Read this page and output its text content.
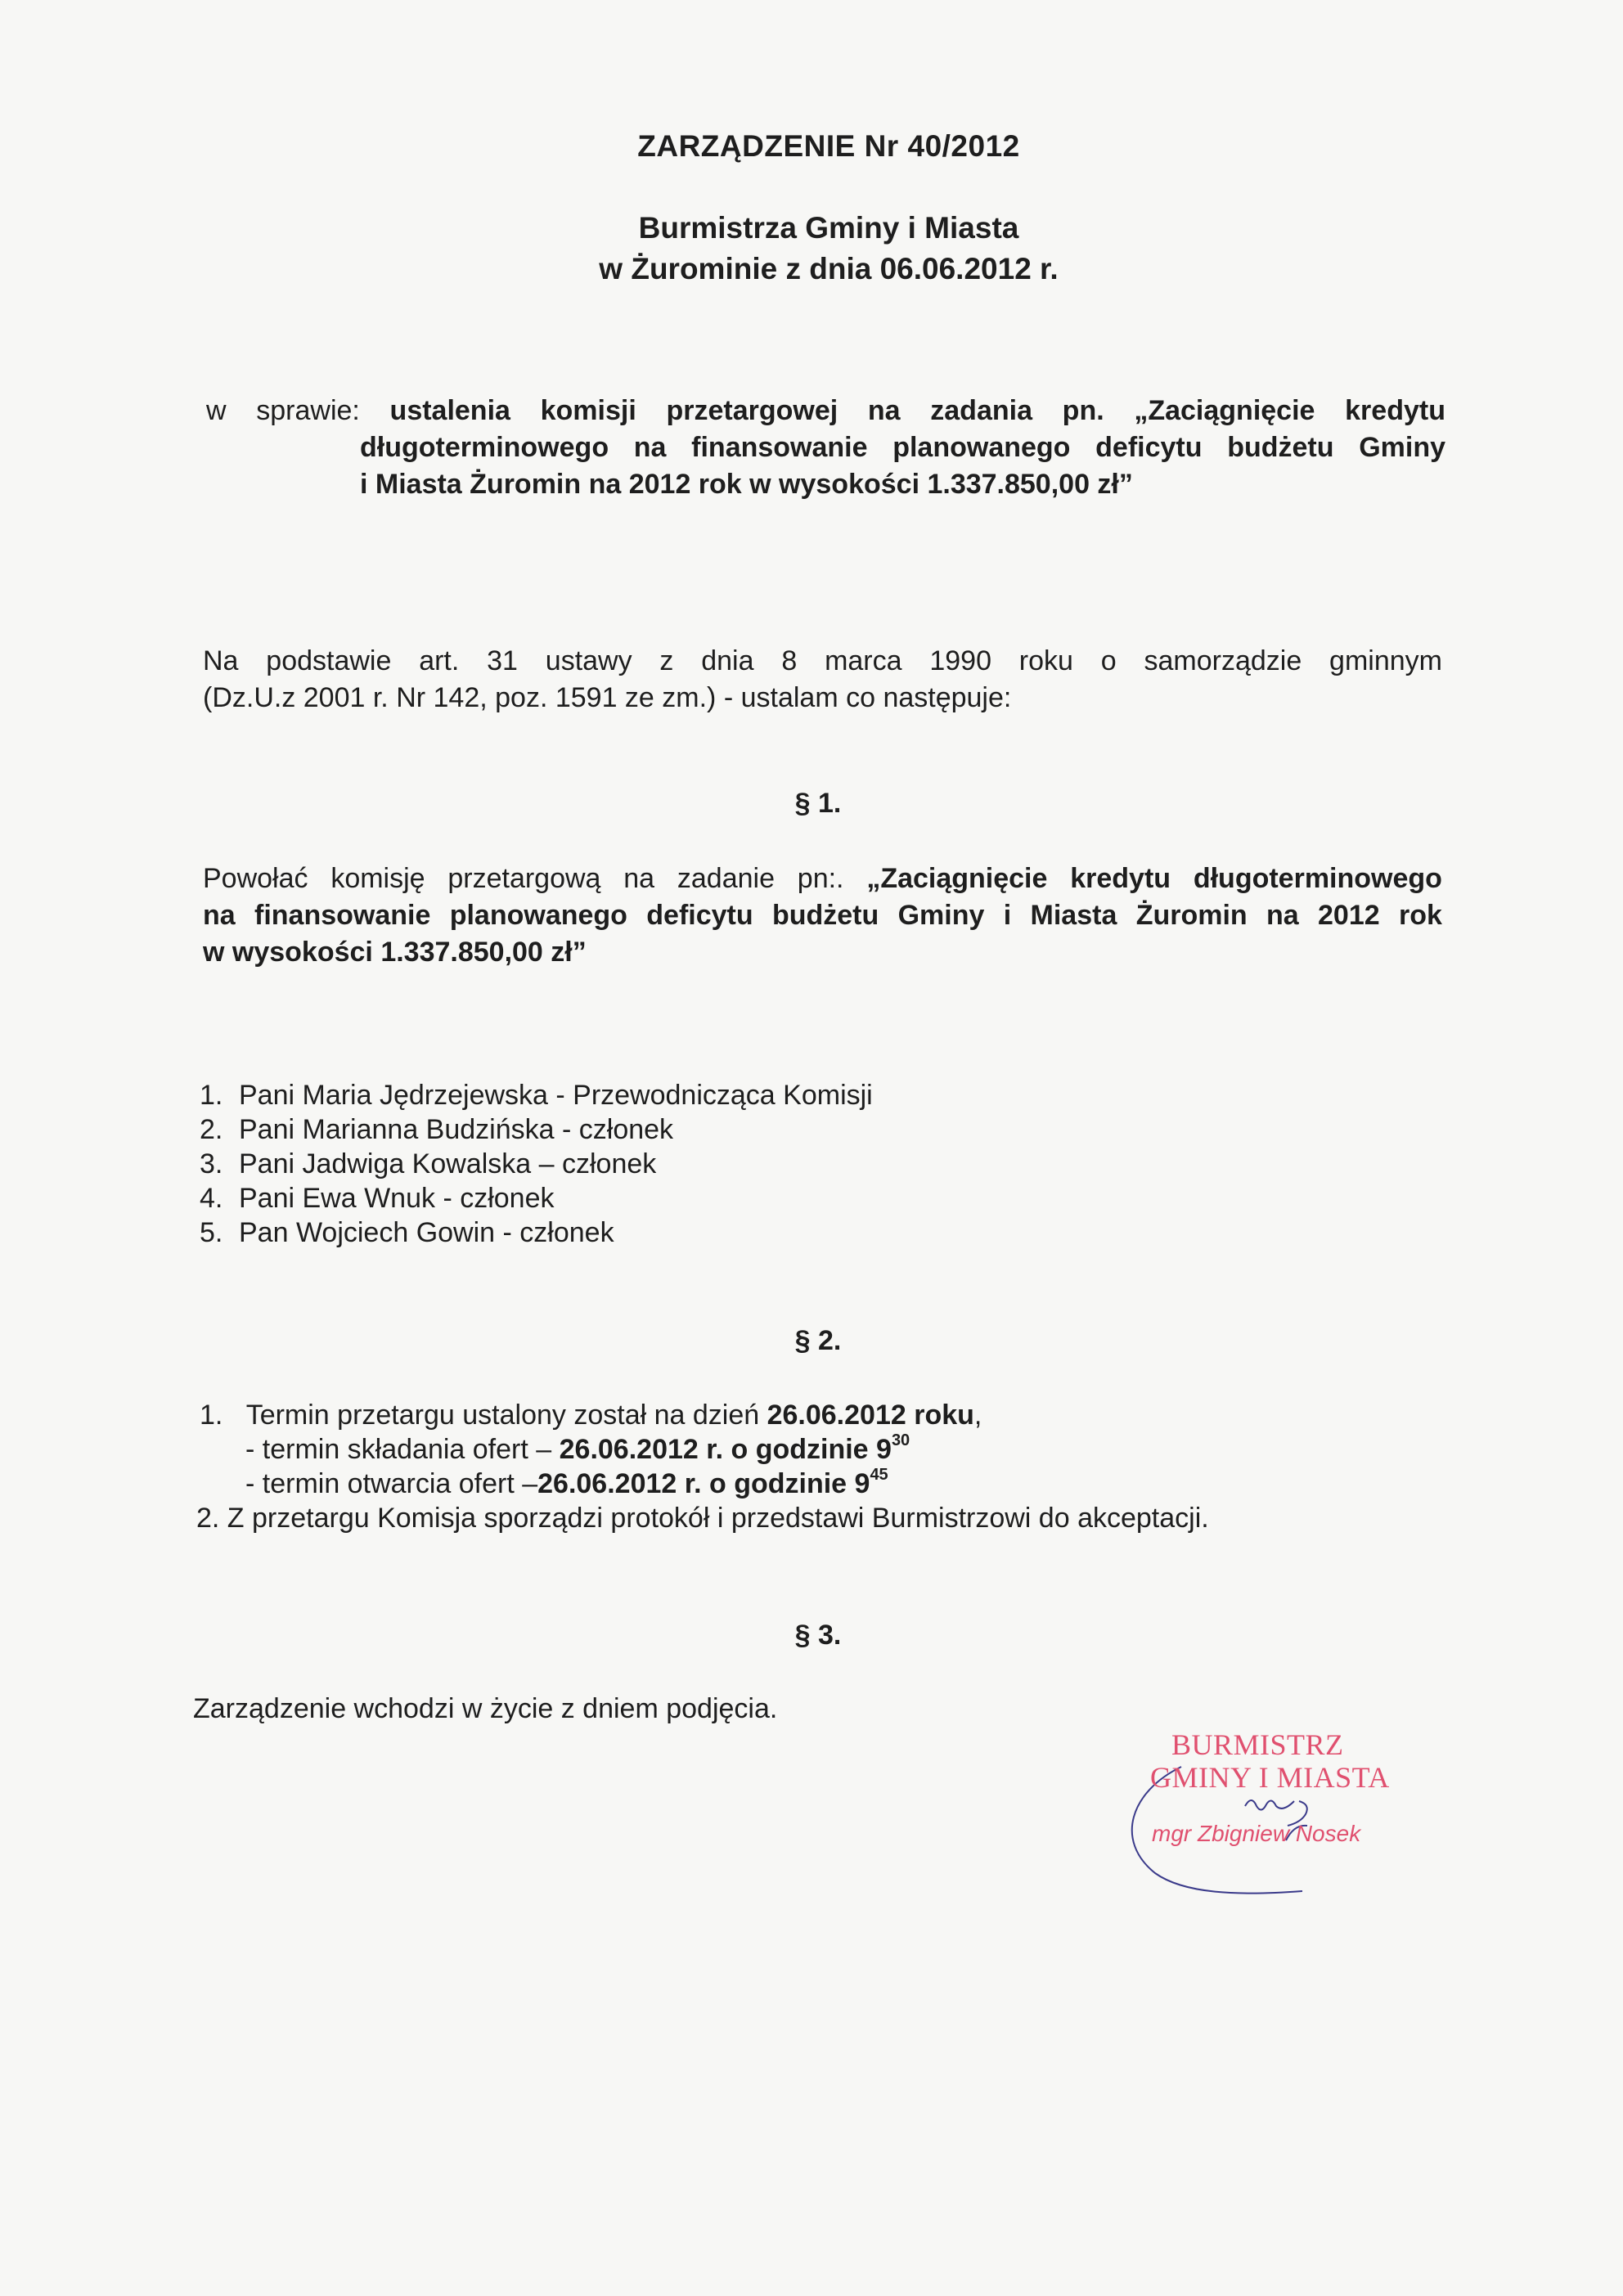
ZARZĄDZENIE Nr 40/2012
Burmistrza Gminy i Miasta
w Żurominie z dnia 06.06.2012 r.
w sprawie: ustalenia komisji przetargowej na zadania pn. „Zaciągnięcie kredytu
długoterminowego na finansowanie planowanego deficytu budżetu Gminy
i Miasta Żuromin na 2012 rok w wysokości 1.337.850,00 zł”
Na podstawie art. 31 ustawy z dnia 8 marca 1990 roku o samorządzie gminnym
(Dz.U.z 2001 r. Nr 142, poz. 1591 ze zm.) - ustalam co następuje:
§ 1.
Powołać komisję przetargową na zadanie pn:. „Zaciągnięcie kredytu długoterminowego
na finansowanie planowanego deficytu budżetu Gminy i Miasta Żuromin na 2012 rok
w wysokości 1.337.850,00 zł”
1. Pani Maria Jędrzejewska - Przewodnicząca Komisji
2. Pani Marianna Budzińska - członek
3. Pani Jadwiga Kowalska – członek
4. Pani Ewa Wnuk - członek
5. Pan Wojciech Gowin - członek
§ 2.
1. Termin przetargu ustalony został na dzień 26.06.2012 roku,
- termin składania ofert – 26.06.2012 r. o godzinie $9^{30}$
- termin otwarcia ofert –26.06.2012 r. o godzinie $9^{45}$
2. Z przetargu Komisja sporządzi protokół i przedstawi Burmistrzowi do akceptacji.
§ 3.
Zarządzenie wchodzi w życie z dniem podjęcia.
BURMISTRZ
GMINY I MIASTA
mgr Zbigniew Nosek
